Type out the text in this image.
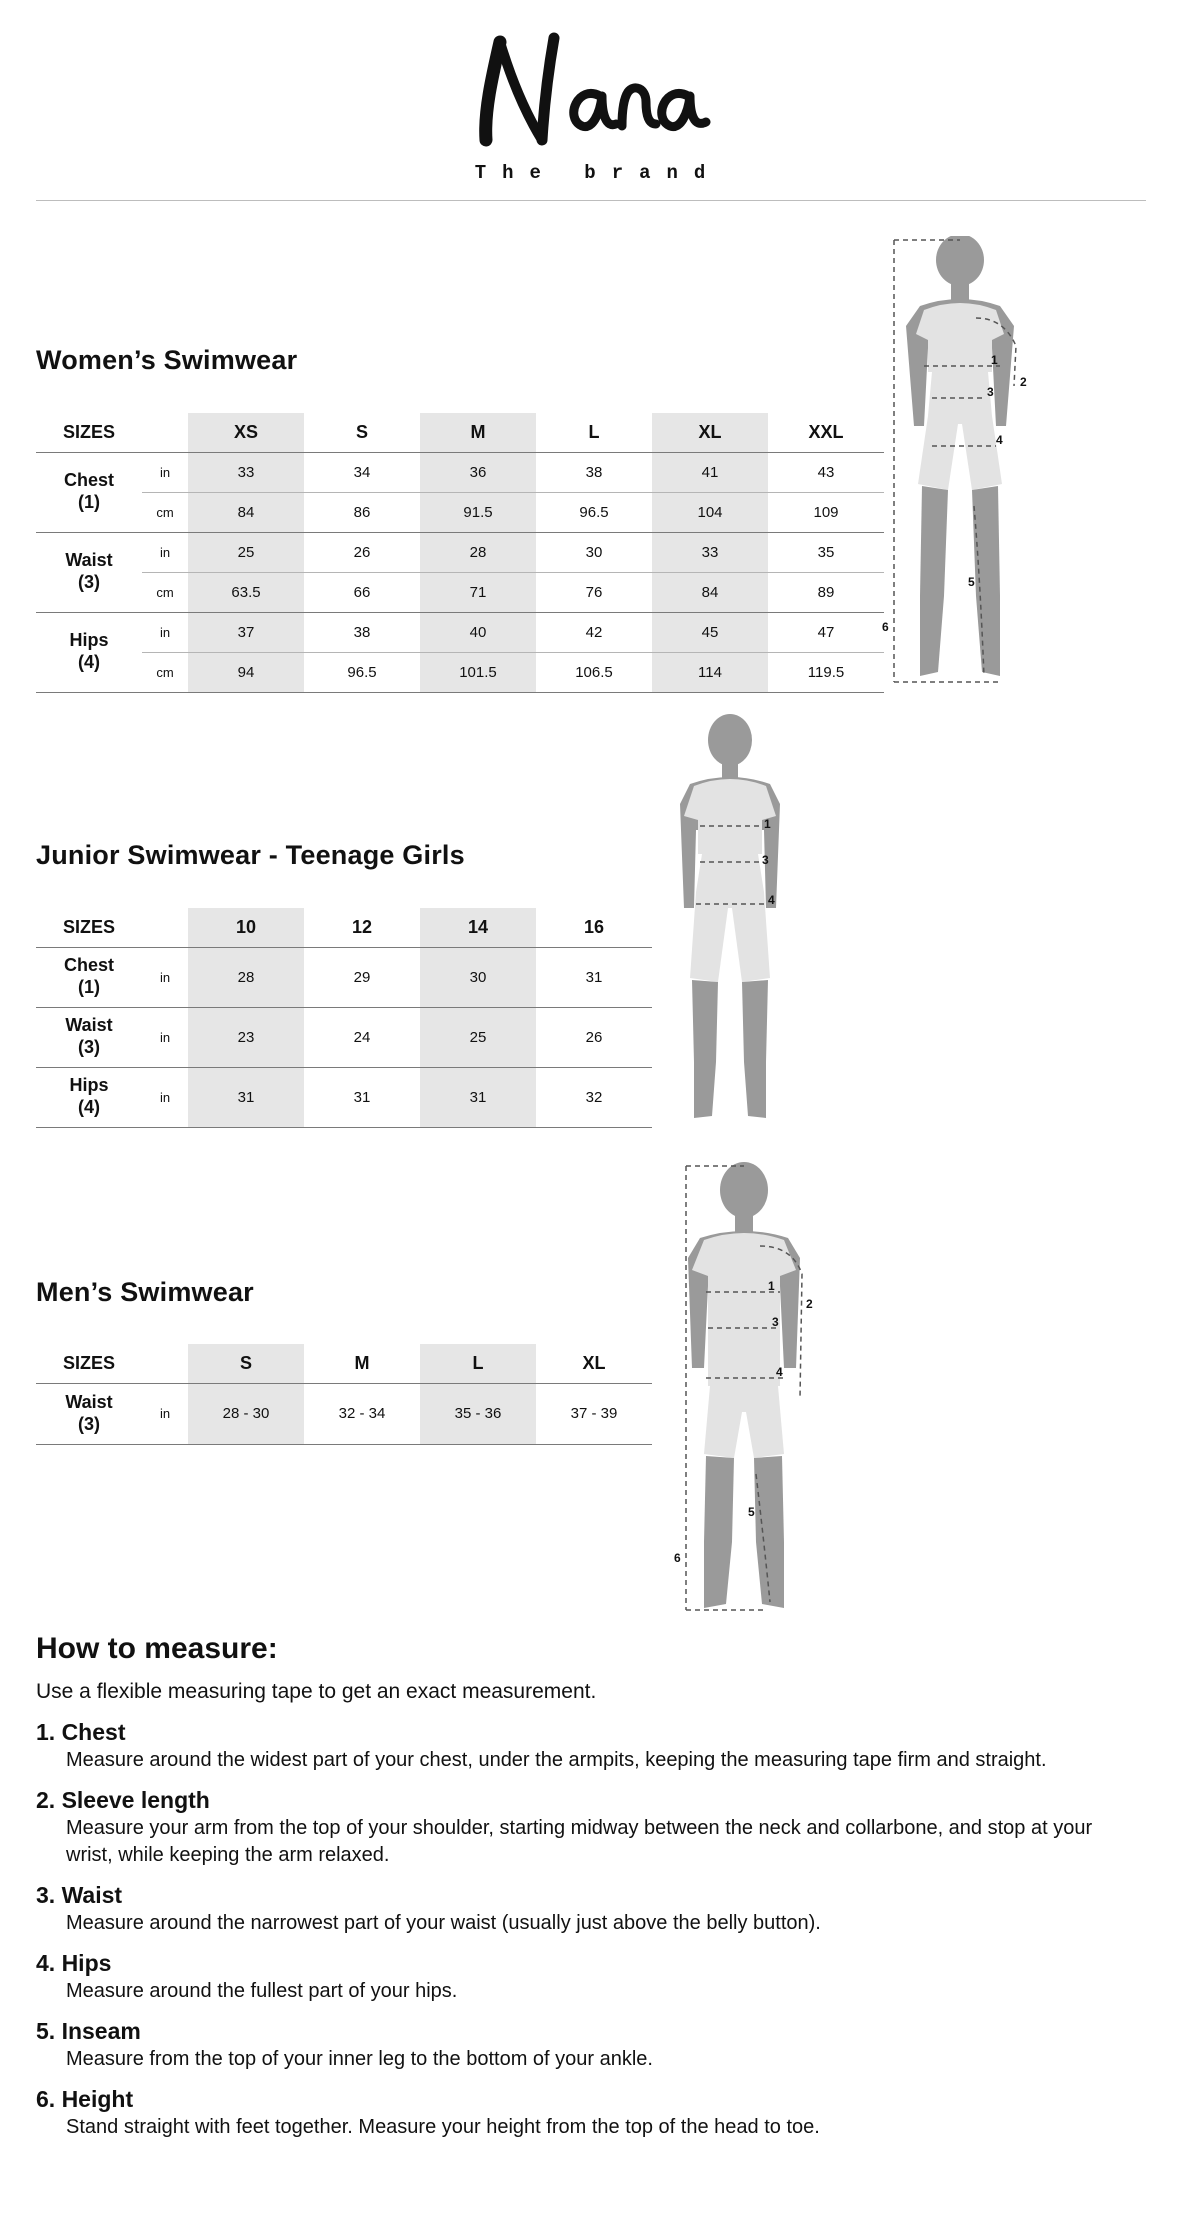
Nana
The brand
Women’s Swimwear
SIZES		XS	S	M	L	XL	XXL
Chest
(1)	in	33	34	36	38	41	43
	cm	84	86	91.5	96.5	104	109
Waist
(3)	in	25	26	28	30	33	35
	cm	63.5	66	71	76	84	89
Hips
(4)	in	37	38	40	42	45	47
	cm	94	96.5	101.5	106.5	114	119.5
1
2
3
4
5
6
Junior Swimwear - Teenage Girls
SIZES		10	12	14	16
Chest
(1)	in	28	29	30	31
Waist
(3)	in	23	24	25	26
Hips
(4)	in	31	31	31	32
1
3
4
Men’s Swimwear
SIZES		S	M	L	XL
Waist
(3)	in	28 - 30	32 - 34	35 - 36	37 - 39
1
2
3
4
5
6
How to measure:

Use a flexible measuring tape to get an exact measurement.

1. Chest

Measure around the widest part of your chest, under the armpits, keeping the measuring tape firm and straight.

2. Sleeve length

Measure your arm from the top of your shoulder, starting midway between the neck and collarbone, and stop at your wrist, while keeping the arm relaxed.

3. Waist

Measure around the narrowest part of your waist (usually just above the belly button).

4. Hips

Measure around the fullest part of your hips.

5. Inseam

Measure from the top of your inner leg to the bottom of your ankle.

6. Height

Stand straight with feet together. Measure your height from the top of the head to toe.
